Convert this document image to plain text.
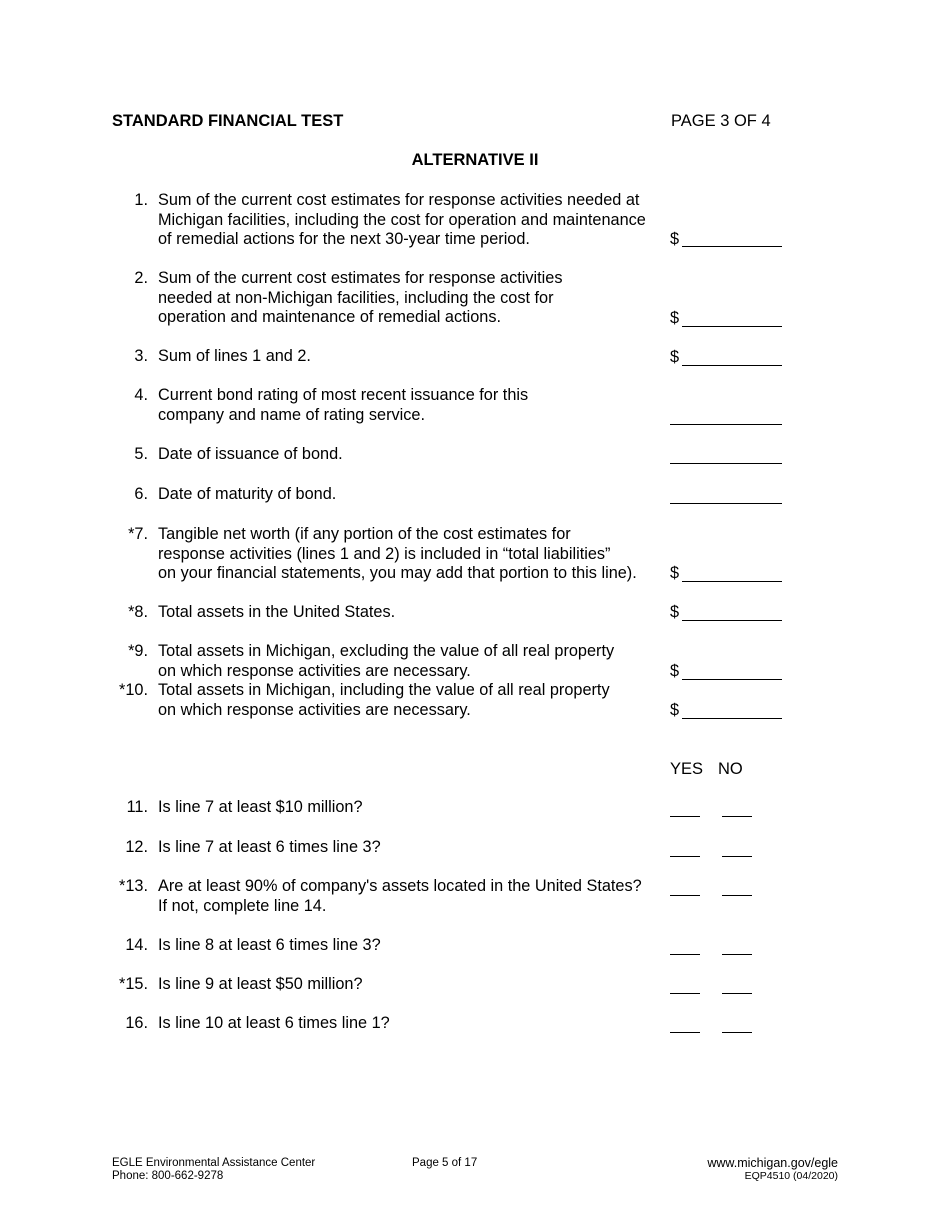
STANDARD FINANCIAL TEST	PAGE 3 OF 4
ALTERNATIVE II
1. Sum of the current cost estimates for response activities needed at
Michigan facilities, including the cost for operation and maintenance
of remedial actions for the next 30-year time period.
2. Sum of the current cost estimates for response activities
needed at non-Michigan facilities, including the cost for
operation and maintenance of remedial actions.
3. Sum of lines 1 and 2.
4. Current bond rating of most recent issuance for this
company and name of rating service.
5. Date of issuance of bond.
6. Date of maturity of bond.
*7. Tangible net worth (if any portion of the cost estimates for
response activities (lines 1 and 2) is included in “total liabilities”
on your financial statements, you may add that portion to this line).
*8. Total assets in the United States.
*9. Total assets in Michigan, excluding the value of all real property
on which response activities are necessary.
*10. Total assets in Michigan, including the value of all real property
on which response activities are necessary.
11. Is line 7 at least $10 million?
12. Is line 7 at least 6 times line 3?
*13. Are at least 90% of company's assets located in the United States?
If not, complete line 14.
14. Is line 8 at least 6 times line 3?
*15. Is line 9 at least $50 million?
16. Is line 10 at least 6 times line 1?
$
$
$
$
$
$
$
YES NO
EGLE Environmental Assistance Center
Phone: 800-662-9278
Page 5 of 17	www.michigan.gov/egle
EQP4510 (04/2020)
